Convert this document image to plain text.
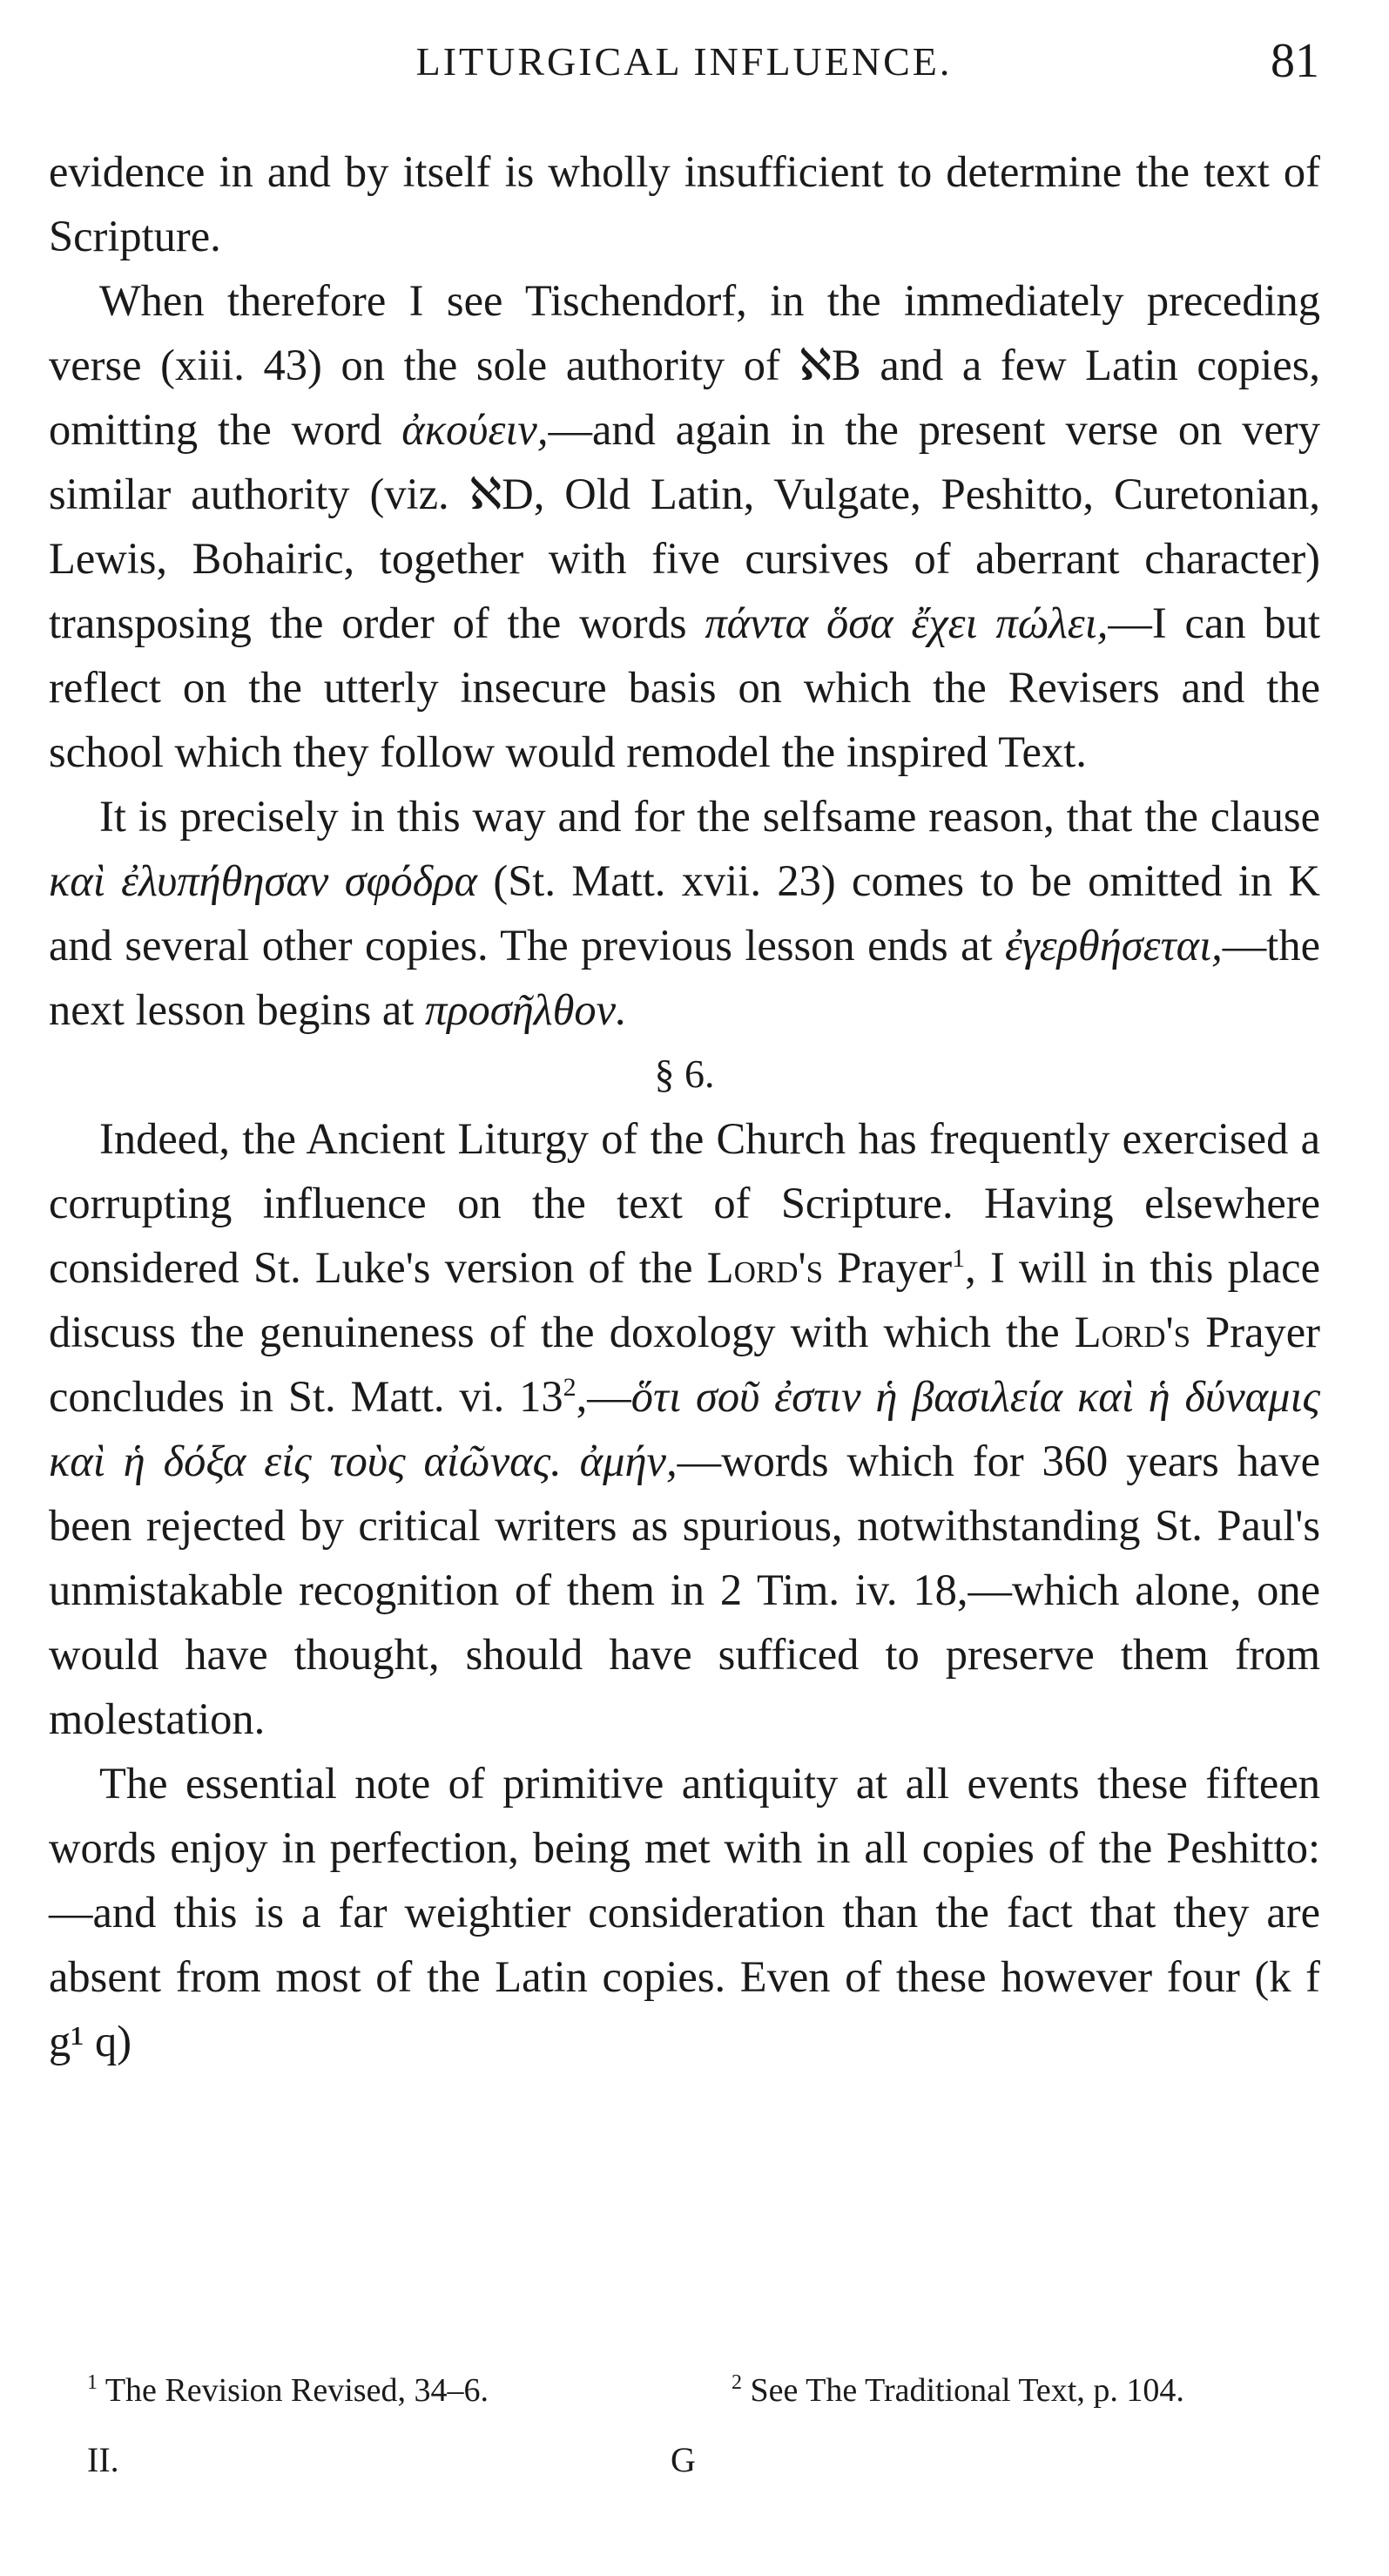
LITURGICAL INFLUENCE.	81

evidence in and by itself is wholly insufficient to determine the text of Scripture.

When therefore I see Tischendorf, in the immediately preceding verse (xiii. 43) on the sole authority of ℵB and a few Latin copies, omitting the word ἀκούειν,—and again in the present verse on very similar authority (viz. ℵD, Old Latin, Vulgate, Peshitto, Curetonian, Lewis, Bohairic, together with five cursives of aberrant character) transposing the order of the words πάντα ὅσα ἔχει πώλει,—I can but reflect on the utterly insecure basis on which the Revisers and the school which they follow would remodel the inspired Text.

It is precisely in this way and for the selfsame reason, that the clause καὶ ἐλυπήθησαν σφόδρα (St. Matt. xvii. 23) comes to be omitted in K and several other copies. The previous lesson ends at ἐγερθήσεται,—the next lesson begins at προσῆλθον.

§ 6.

Indeed, the Ancient Liturgy of the Church has frequently exercised a corrupting influence on the text of Scripture. Having elsewhere considered St. Luke's version of the Lord's Prayer$^1$, I will in this place discuss the genuineness of the doxology with which the Lord's Prayer concludes in St. Matt. vi. $13^2,—ὅ\tau\iota$ σοῦ ἐστιν ἡ βασιλεία καὶ ἡ δύναμις καὶ ἡ δόξα εἰς τοὺς αἰῶνας. ἀμήν,—words which for 360 years have been rejected by critical writers as spurious, notwithstanding St. Paul's unmistakable recognition of them in 2 Tim. iv. 18,—which alone, one would have thought, should have sufficed to preserve them from molestation.

The essential note of primitive antiquity at all events these fifteen words enjoy in perfection, being met with in all copies of the Peshitto:—and this is a far weightier consideration than the fact that they are absent from most of the Latin copies. Even of these however four (k f g¹ q)

$^1$ The Revision Revised, 34–6.	$^2$ See The Traditional Text, p. 104.
II.	G
